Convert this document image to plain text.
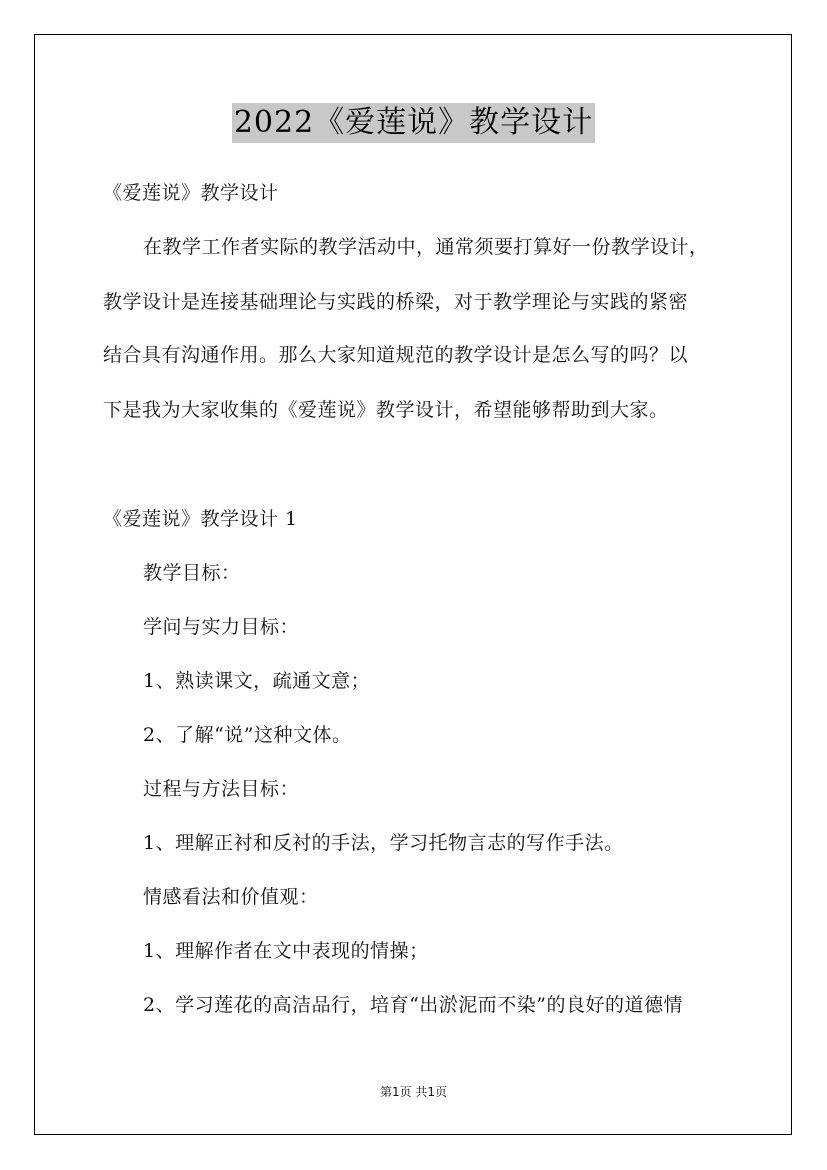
2022《爱莲说》教学设计

《爱莲说》教学设计

在教学工作者实际的教学活动中，通常须要打算好一份教学设计，

教学设计是连接基础理论与实践的桥梁，对于教学理论与实践的紧密

结合具有沟通作用。那么大家知道规范的教学设计是怎么写的吗？以

下是我为大家收集的《爱莲说》教学设计，希望能够帮助到大家。

《爱莲说》教学设计 1

教学目标：

学问与实力目标：

1、熟读课文，疏通文意；

2、了解“说”这种文体。

过程与方法目标：

1、理解正衬和反衬的手法，学习托物言志的写作手法。

情感看法和价值观：

1、理解作者在文中表现的情操；

2、学习莲花的高洁品行，培育“出淤泥而不染”的良好的道德情

第1页 共1页
